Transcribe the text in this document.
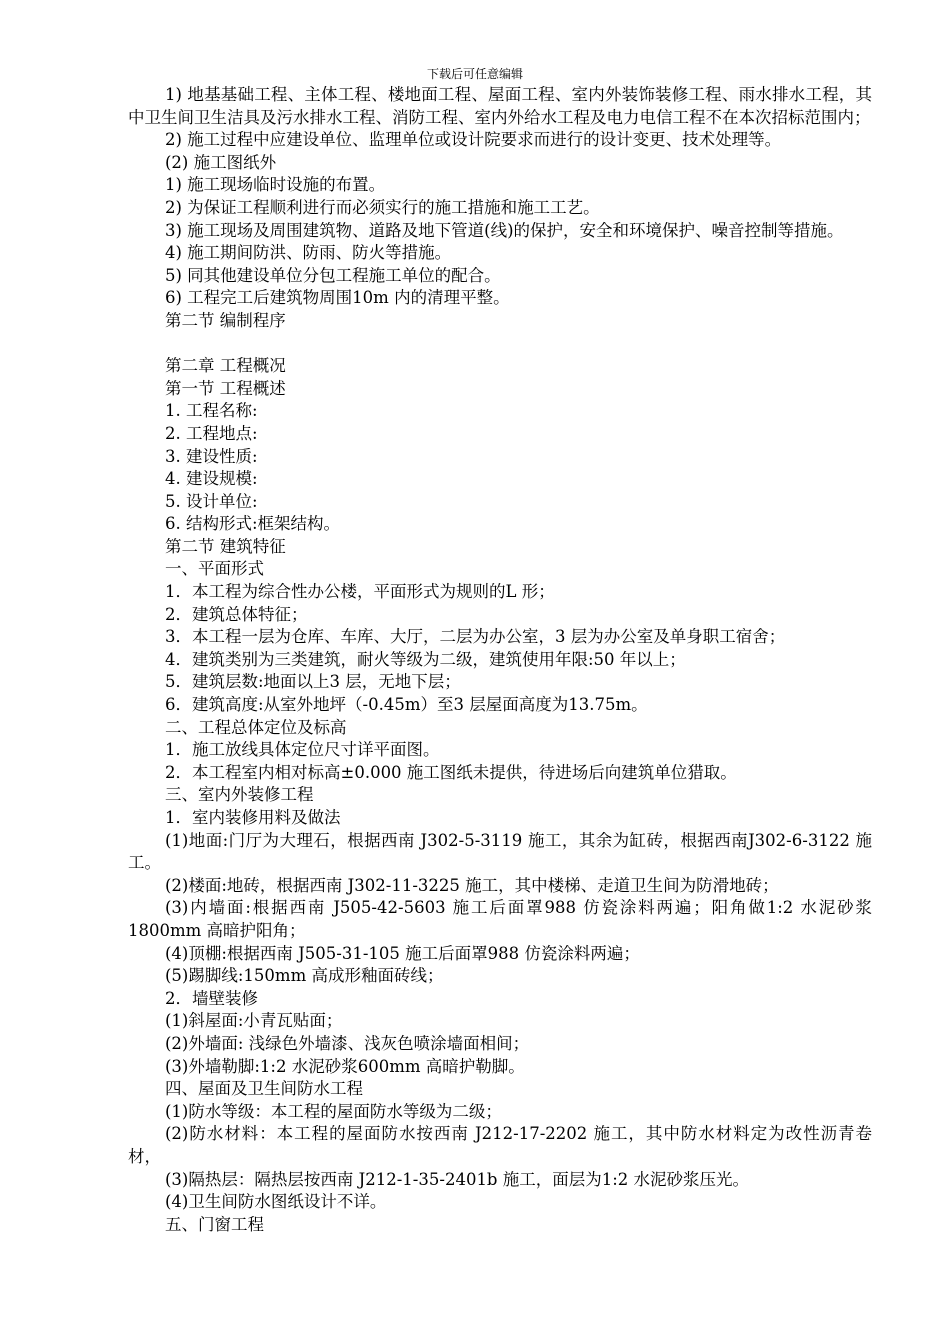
下载后可任意编辑

1) 地基基础工程、主体工程、楼地面工程、屋面工程、室内外装饰装修工程、雨水排水工程，其中卫生间卫生洁具及污水排水工程、消防工程、室内外给水工程及电力电信工程不在本次招标范围内；

2) 施工过程中应建设单位、监理单位或设计院要求而进行的设计变更、技术处理等。

(2) 施工图纸外

1) 施工现场临时设施的布置。

2) 为保证工程顺利进行而必须实行的施工措施和施工工艺。

3) 施工现场及周围建筑物、道路及地下管道(线)的保护，安全和环境保护、噪音控制等措施。

4) 施工期间防洪、防雨、防火等措施。

5) 同其他建设单位分包工程施工单位的配合。

6) 工程完工后建筑物周围10m 内的清理平整。

第二节 编制程序

第二章 工程概况

第一节 工程概述

1. 工程名称:

2. 工程地点:

3. 建设性质:

4. 建设规模:

5. 设计单位:

6. 结构形式:框架结构。

第二节 建筑特征

一、平面形式

1．本工程为综合性办公楼，平面形式为规则的L 形；

2．建筑总体特征；

3．本工程一层为仓库、车库、大厅，二层为办公室，3 层为办公室及单身职工宿舍；

4．建筑类别为三类建筑，耐火等级为二级，建筑使用年限:50 年以上；

5．建筑层数:地面以上3 层，无地下层；

6．建筑高度:从室外地坪（-0.45m）至3 层屋面高度为13.75m。

二、工程总体定位及标高

1．施工放线具体定位尺寸详平面图。

2．本工程室内相对标高±0.000 施工图纸未提供，待进场后向建筑单位猎取。

三、室内外装修工程

1．室内装修用料及做法

(1)地面:门厅为大理石，根据西南 J302-5-3119 施工，其余为缸砖，根据西南J302-6-3122 施工。

(2)楼面:地砖，根据西南 J302-11-3225 施工，其中楼梯、走道卫生间为防滑地砖；

(3)内墙面:根据西南 J505-42-5603 施工后面罩988 仿瓷涂料两遍；阳角做1:2 水泥砂浆1800mm 高暗护阳角；

(4)顶棚:根据西南 J505-31-105 施工后面罩988 仿瓷涂料两遍；

(5)踢脚线:150mm 高成形釉面砖线；

2．墙壁装修

(1)斜屋面:小青瓦贴面；

(2)外墙面: 浅绿色外墙漆、浅灰色喷涂墙面相间；

(3)外墙勒脚:1:2 水泥砂浆600mm 高暗护勒脚。

四、屋面及卫生间防水工程

(1)防水等级：本工程的屋面防水等级为二级；

(2)防水材料：本工程的屋面防水按西南 J212-17-2202 施工，其中防水材料定为改性沥青卷材，

(3)隔热层：隔热层按西南 J212-1-35-2401b 施工，面层为1:2 水泥砂浆压光。

(4)卫生间防水图纸设计不详。

五、门窗工程
